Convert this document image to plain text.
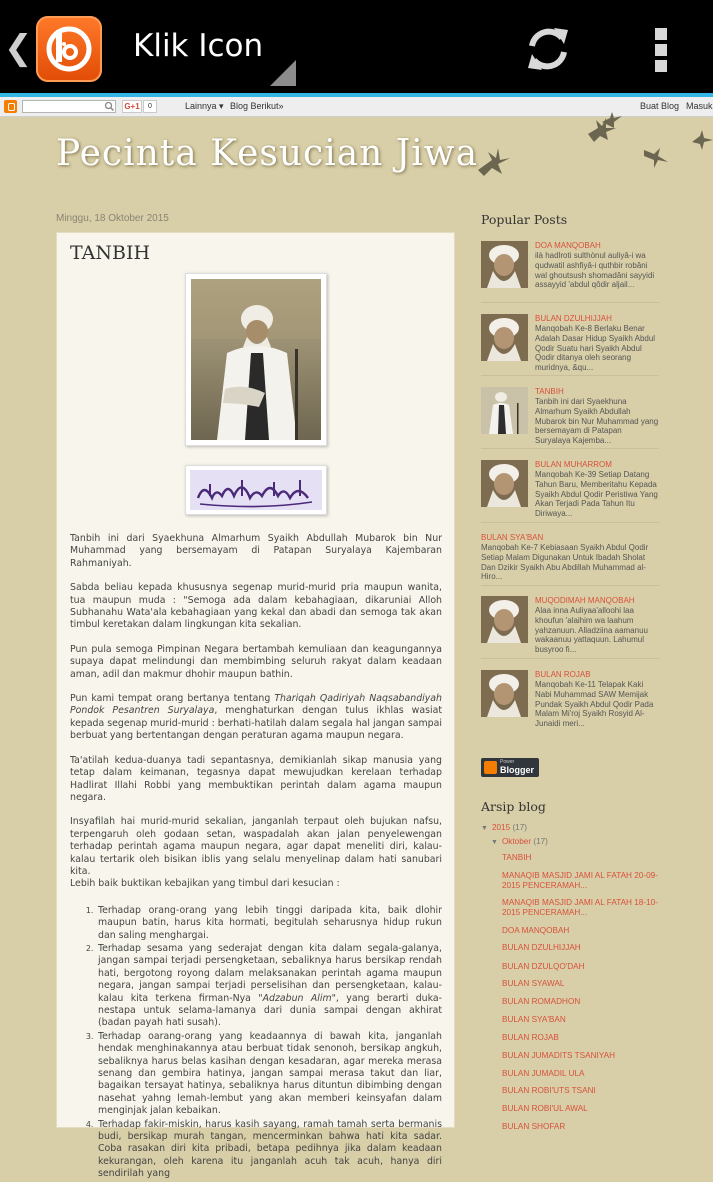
❮	Klik Icon
G+1	0	Lainnya ▾ Blog Berikut»	Buat Blog Masuk
Pecinta Kesucian Jiwa
Minggu, 18 Oktober 2015
TANBIH

Tanbih ini dari Syaekhuna Almarhum Syaikh Abdullah Mubarok bin Nur Muhammad yang bersemayam di Patapan Suryalaya Kajembaran Rahmaniyah.

Sabda beliau kepada khususnya segenap murid-murid pria maupun wanita, tua maupun muda : "Semoga ada dalam kebahagiaan, dikaruniai Alloh Subhanahu Wata'ala kebahagiaan yang kekal dan abadi dan semoga tak akan timbul keretakan dalam lingkungan kita sekalian.

Pun pula semoga Pimpinan Negara bertambah kemuliaan dan keagungannya supaya dapat melindungi dan membimbing seluruh rakyat dalam keadaan aman, adil dan makmur dhohir maupun bathin.

Pun kami tempat orang bertanya tentang Thariqah Qadiriyah Naqsabandiyah Pondok Pesantren Suryalaya, menghaturkan dengan tulus ikhlas wasiat kepada segenap murid-murid : berhati-hatilah dalam segala hal jangan sampai berbuat yang bertentangan dengan peraturan agama maupun negara.

Ta'atilah kedua-duanya tadi sepantasnya, demikianlah sikap manusia yang tetap dalam keimanan, tegasnya dapat mewujudkan kerelaan terhadap Hadlirat Illahi Robbi yang membuktikan perintah dalam agama maupun negara.

Insyafilah hai murid-murid sekalian, janganlah terpaut oleh bujukan nafsu, terpengaruh oleh godaan setan, waspadalah akan jalan penyelewengan terhadap perintah agama maupun negara, agar dapat meneliti diri, kalau-kalau tertarik oleh bisikan iblis yang selalu menyelinap dalam hati sanubari kita.

Lebih baik buktikan kebajikan yang timbul dari kesucian :

1. Terhadap orang-orang yang lebih tinggi daripada kita, baik dlohir maupun batin, harus kita hormati, begitulah seharusnya hidup rukun dan saling menghargai.
2. Terhadap sesama yang sederajat dengan kita dalam segala-galanya, jangan sampai terjadi persengketaan, sebaliknya harus bersikap rendah hati, bergotong royong dalam melaksanakan perintah agama maupun negara, jangan sampai terjadi perselisihan dan persengketaan, kalau-kalau kita terkena firman-Nya "Adzabun Alim", yang berarti duka-nestapa untuk selama-lamanya dari dunia sampai dengan akhirat (badan payah hati susah).
3. Terhadap oarang-orang yang keadaannya di bawah kita, janganlah hendak menghinakannya atau berbuat tidak senonoh, bersikap angkuh, sebaliknya harus belas kasihan dengan kesadaran, agar mereka merasa senang dan gembira hatinya, jangan sampai merasa takut dan liar, bagaikan tersayat hatinya, sebaliknya harus dituntun dibimbing dengan nasehat yahng lemah-lembut yang akan memberi keinsyafan dalam menginjak jalan kebaikan.
4. Terhadap fakir-miskin, harus kasih sayang, ramah tamah serta bermanis budi, bersikap murah tangan, mencerminkan bahwa hati kita sadar. Coba rasakan diri kita pribadi, betapa pedihnya jika dalam keadaan kekurangan, oleh karena itu janganlah acuh tak acuh, hanya diri sendirilah yang
Popular Posts
DOA MANQOBAH
ilà hadlroti sulthònul auliyâ-i wa qudwatil ashfiyâ-i quthbir robâni wal ghoutsush shomadâni sayyidi assayyid 'abdul qôdir aljail...
BULAN DZULHIJJAH
Manqobah Ke-8 Berlaku Benar Adalah Dasar Hidup Syaikh Abdul Qodir Suatu hari Syaikh Abdul Qodir ditanya oleh seorang muridnya, &qu...
TANBIH
Tanbih ini dari Syaekhuna Almarhum Syaikh Abdullah Mubarok bin Nur Muhammad yang bersemayam di Patapan Suryalaya Kajemba...
BULAN MUHARROM
Manqobah Ke-39 Setiap Datang Tahun Baru, Memberitahu Kepada Syaikh Abdul Qodir Peristiwa Yang Akan Terjadi Pada Tahun Itu Diriwaya...
BULAN SYA'BAN
Manqobah Ke-7 Kebiasaan Syaikh Abdul Qodir Setiap Malam Digunakan Untuk Ibadah Sholat Dan Dzikir Syaikh Abu Abdillah Muhammad al-Hiro...
MUQODIMAH MANQOBAH
Alaa inna Auliyaa'alloohi laa khoufun 'alaihim wa laahum yahzanuun. Alladziina aamanuu wakaanuu yattaquun. Lahumul busyroo fi...
BULAN ROJAB
Manqobah Ke-11 Telapak Kaki Nabi Muhammad SAW Memijak Pundak Syaikh Abdul Qodir Pada Malam Mi'roj Syaikh Rosyid Al-Junaidi meri...
Power
Blogger
Arsip blog
▼ 2015 (17)
▼ Oktober (17)
TANBIH
MANAQIB MASJID JAMI AL FATAH 20-09-2015 PENCERAMAH...
MANAQIB MASJID JAMI AL FATAH 18-10-2015 PENCERAMAH...
DOA MANQOBAH
BULAN DZULHIJJAH
BULAN DZULQO'DAH
BULAN SYAWAL
BULAN ROMADHON
BULAN SYA'BAN
BULAN ROJAB
BULAN JUMADITS TSANIYAH
BULAN JUMADIL ULA
BULAN ROBI'UTS TSANI
BULAN ROBI'UL AWAL
BULAN SHOFAR
